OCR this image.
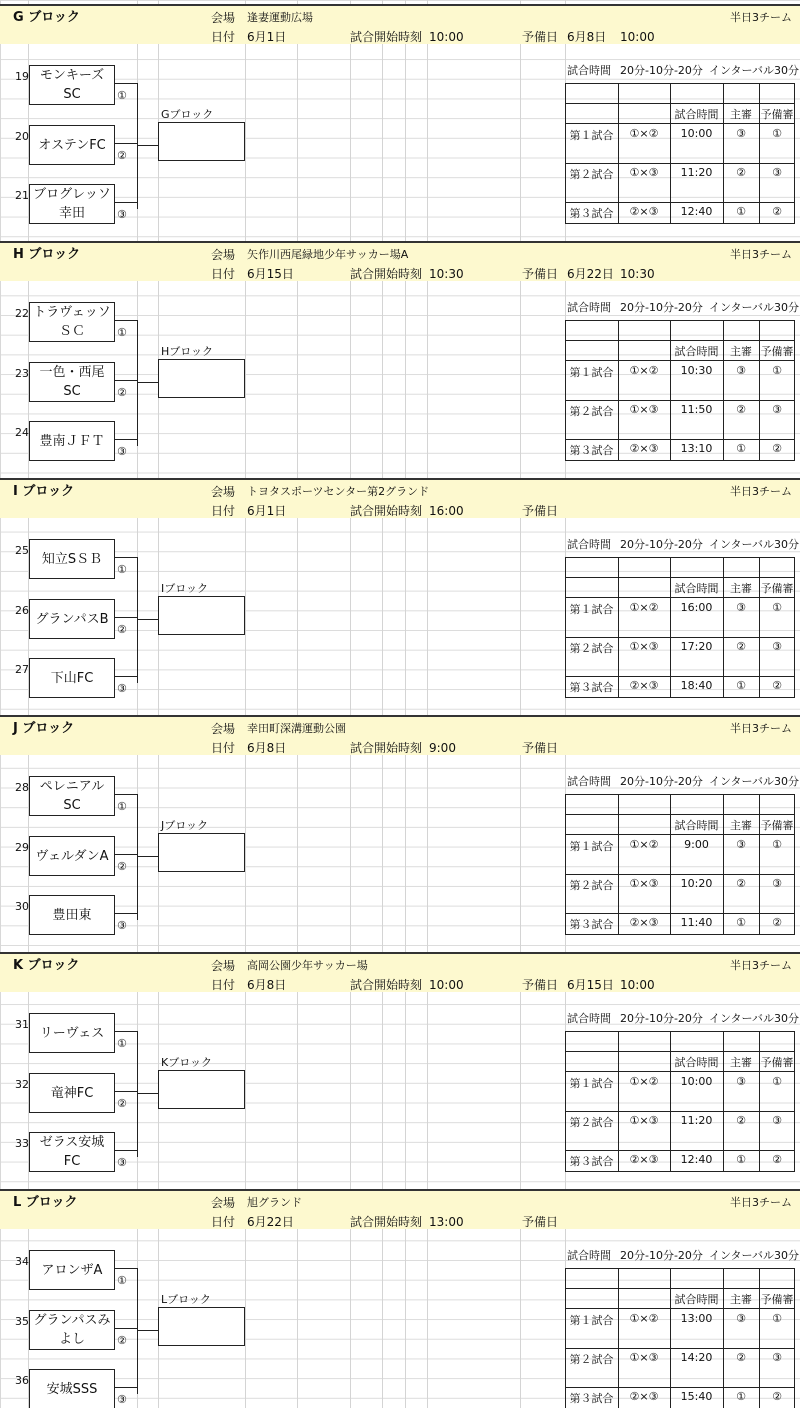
G ブロック	会場 逢妻運動広場	半日3チーム
日付 6月1日	試合開始時刻 10:00	予備日 6月8日 10:00
19 モンキーズ
SC	①
20
オステンFC
②
21 ブログレッソ
幸田	③
Gブロック
試合時間 20分-10分-20分 インターバル30分
試合時間	主審 予備審
第１試合	①×②	10:00	③	①
第２試合	①×③	11:20	②	③
第３試合	②×③	12:40	①	②
H ブロック	会場 矢作川西尾緑地少年サッカー場A	半日3チーム
日付 6月15日	試合開始時刻 10:30	予備日 6月22日 10:30
22 トラヴェッソ
ＳＣ	①
23 一色・西尾
SC	②
24
豊南ＪＦＴ
③
Hブロック
試合時間 20分-10分-20分 インターバル30分
試合時間	主審 予備審
第１試合	①×②	10:30	③	①
第２試合	①×③	11:50	②	③
第３試合	②×③	13:10	①	②
I ブロック	会場 トヨタスポーツセンター第2グランド	半日3チーム
日付 6月1日	試合開始時刻 16:00	予備日
25
知立SＳＢ
①
26
グランパスB
②
27
下山FC
③
Iブロック
試合時間 20分-10分-20分 インターバル30分
試合時間	主審 予備審
第１試合	①×②	16:00	③	①
第２試合	①×③	17:20	②	③
第３試合	②×③	18:40	①	②
J ブロック	会場 幸田町深溝運動公園	半日3チーム
日付 6月8日	試合開始時刻 9:00	予備日
28 ペレニアル
SC	①
29
ヴェルダンA
②
30
豊田東
③
Jブロック
試合時間 20分-10分-20分 インターバル30分
試合時間	主審 予備審
第１試合	①×②	9:00	③	①
第２試合	①×③	10:20	②	③
第３試合	②×③	11:40	①	②
K ブロック	会場 高岡公園少年サッカー場	半日3チーム
日付 6月8日	試合開始時刻 10:00	予備日 6月15日 10:00
31
リーヴェス
①
32
竜神FC
②
33 ゼラス安城
FC	③
Kブロック
試合時間 20分-10分-20分 インターバル30分
試合時間	主審 予備審
第１試合	①×②	10:00	③	①
第２試合	①×③	11:20	②	③
第３試合	②×③	12:40	①	②
L ブロック	会場 旭グランド	半日3チーム
日付 6月22日	試合開始時刻 13:00	予備日
34
アロンザA
①
35 グランパスみ
よし	②
36
安城SSS
③
Lブロック
試合時間 20分-10分-20分 インターバル30分
試合時間	主審 予備審
第１試合	①×②	13:00	③	①
第２試合	①×③	14:20	②	③
第３試合	②×③	15:40	①	②
